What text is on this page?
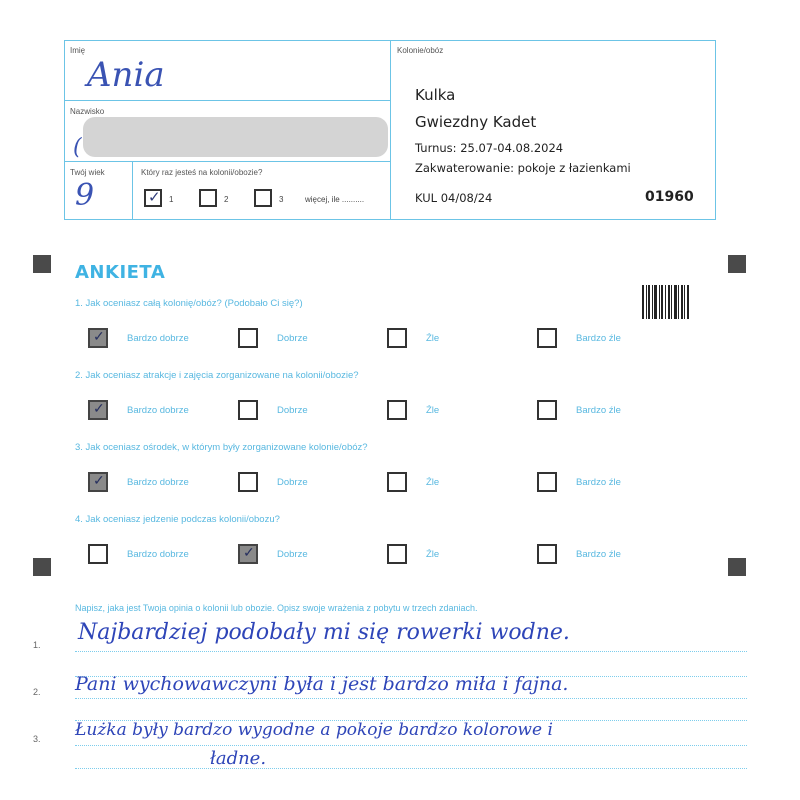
Imię
Ania
Nazwisko
(
Twój wiek
9
Który raz jesteś na kolonii/obozie?
✓ 1	2	3	więcej, ile ..........
Kolonie/obóz
Kulka
Gwiezdny Kadet
Turnus: 25.07-04.08.2024
Zakwaterowanie: pokoje z łazienkami
KUL 04/08/24	01960
ANKIETA
1. Jak oceniasz całą kolonię/obóz? (Podobało Ci się?)
✓ Bardzo dobrze	Dobrze	Źle	Bardzo źle
2. Jak oceniasz atrakcje i zajęcia zorganizowane na kolonii/obozie?
✓ Bardzo dobrze	Dobrze	Źle	Bardzo źle
3. Jak oceniasz ośrodek, w którym były zorganizowane kolonie/obóz?
✓ Bardzo dobrze	Dobrze	Źle	Bardzo źle
4. Jak oceniasz jedzenie podczas kolonii/obozu?
Bardzo dobrze	✓ Dobrze	Źle	Bardzo źle
Napisz, jaka jest Twoja opinia o kolonii lub obozie. Opisz swoje wrażenia z pobytu w trzech zdaniach.
1.
2.
3.
Najbardziej podobały mi się rowerki wodne.
Pani wychowawczyni była i jest bardzo miła i fajna.
Łużka były bardzo wygodne a pokoje bardzo kolorowe i
ładne.
